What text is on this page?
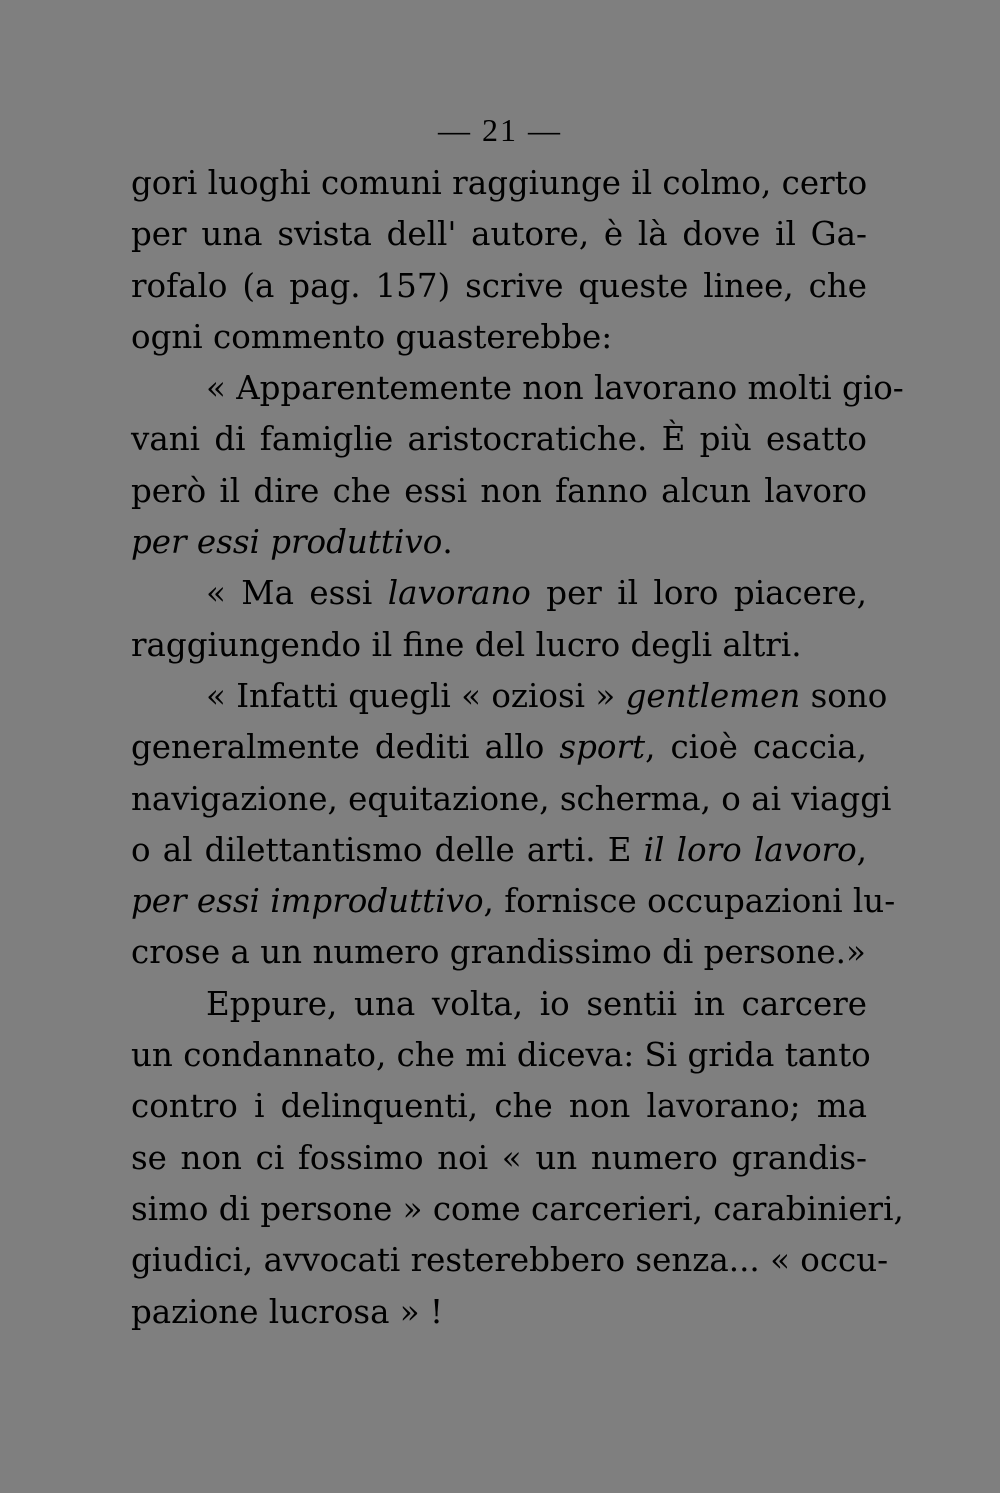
— 21 —
gori luoghi comuni raggiunge il colmo, certo
per una svista dell' autore, è là dove il Ga-
rofalo (a pag. 157) scrive queste linee, che
ogni commento guasterebbe:
« Apparentemente non lavorano molti gio-
vani di famiglie aristocratiche. È più esatto
però il dire che essi non fanno alcun lavoro
per essi produttivo.
« Ma essi lavorano per il loro piacere,
raggiungendo il fine del lucro degli altri.
« Infatti quegli « oziosi » gentlemen sono
generalmente dediti allo sport, cioè caccia,
navigazione, equitazione, scherma, o ai viaggi
o al dilettantismo delle arti. E il loro lavoro,
per essi improduttivo, fornisce occupazioni lu-
crose a un numero grandissimo di persone.»
Eppure, una volta, io sentii in carcere
un condannato, che mi diceva: Si grida tanto
contro i delinquenti, che non lavorano; ma
se non ci fossimo noi « un numero grandis-
simo di persone » come carcerieri, carabinieri,
giudici, avvocati resterebbero senza... « occu-
pazione lucrosa » !
